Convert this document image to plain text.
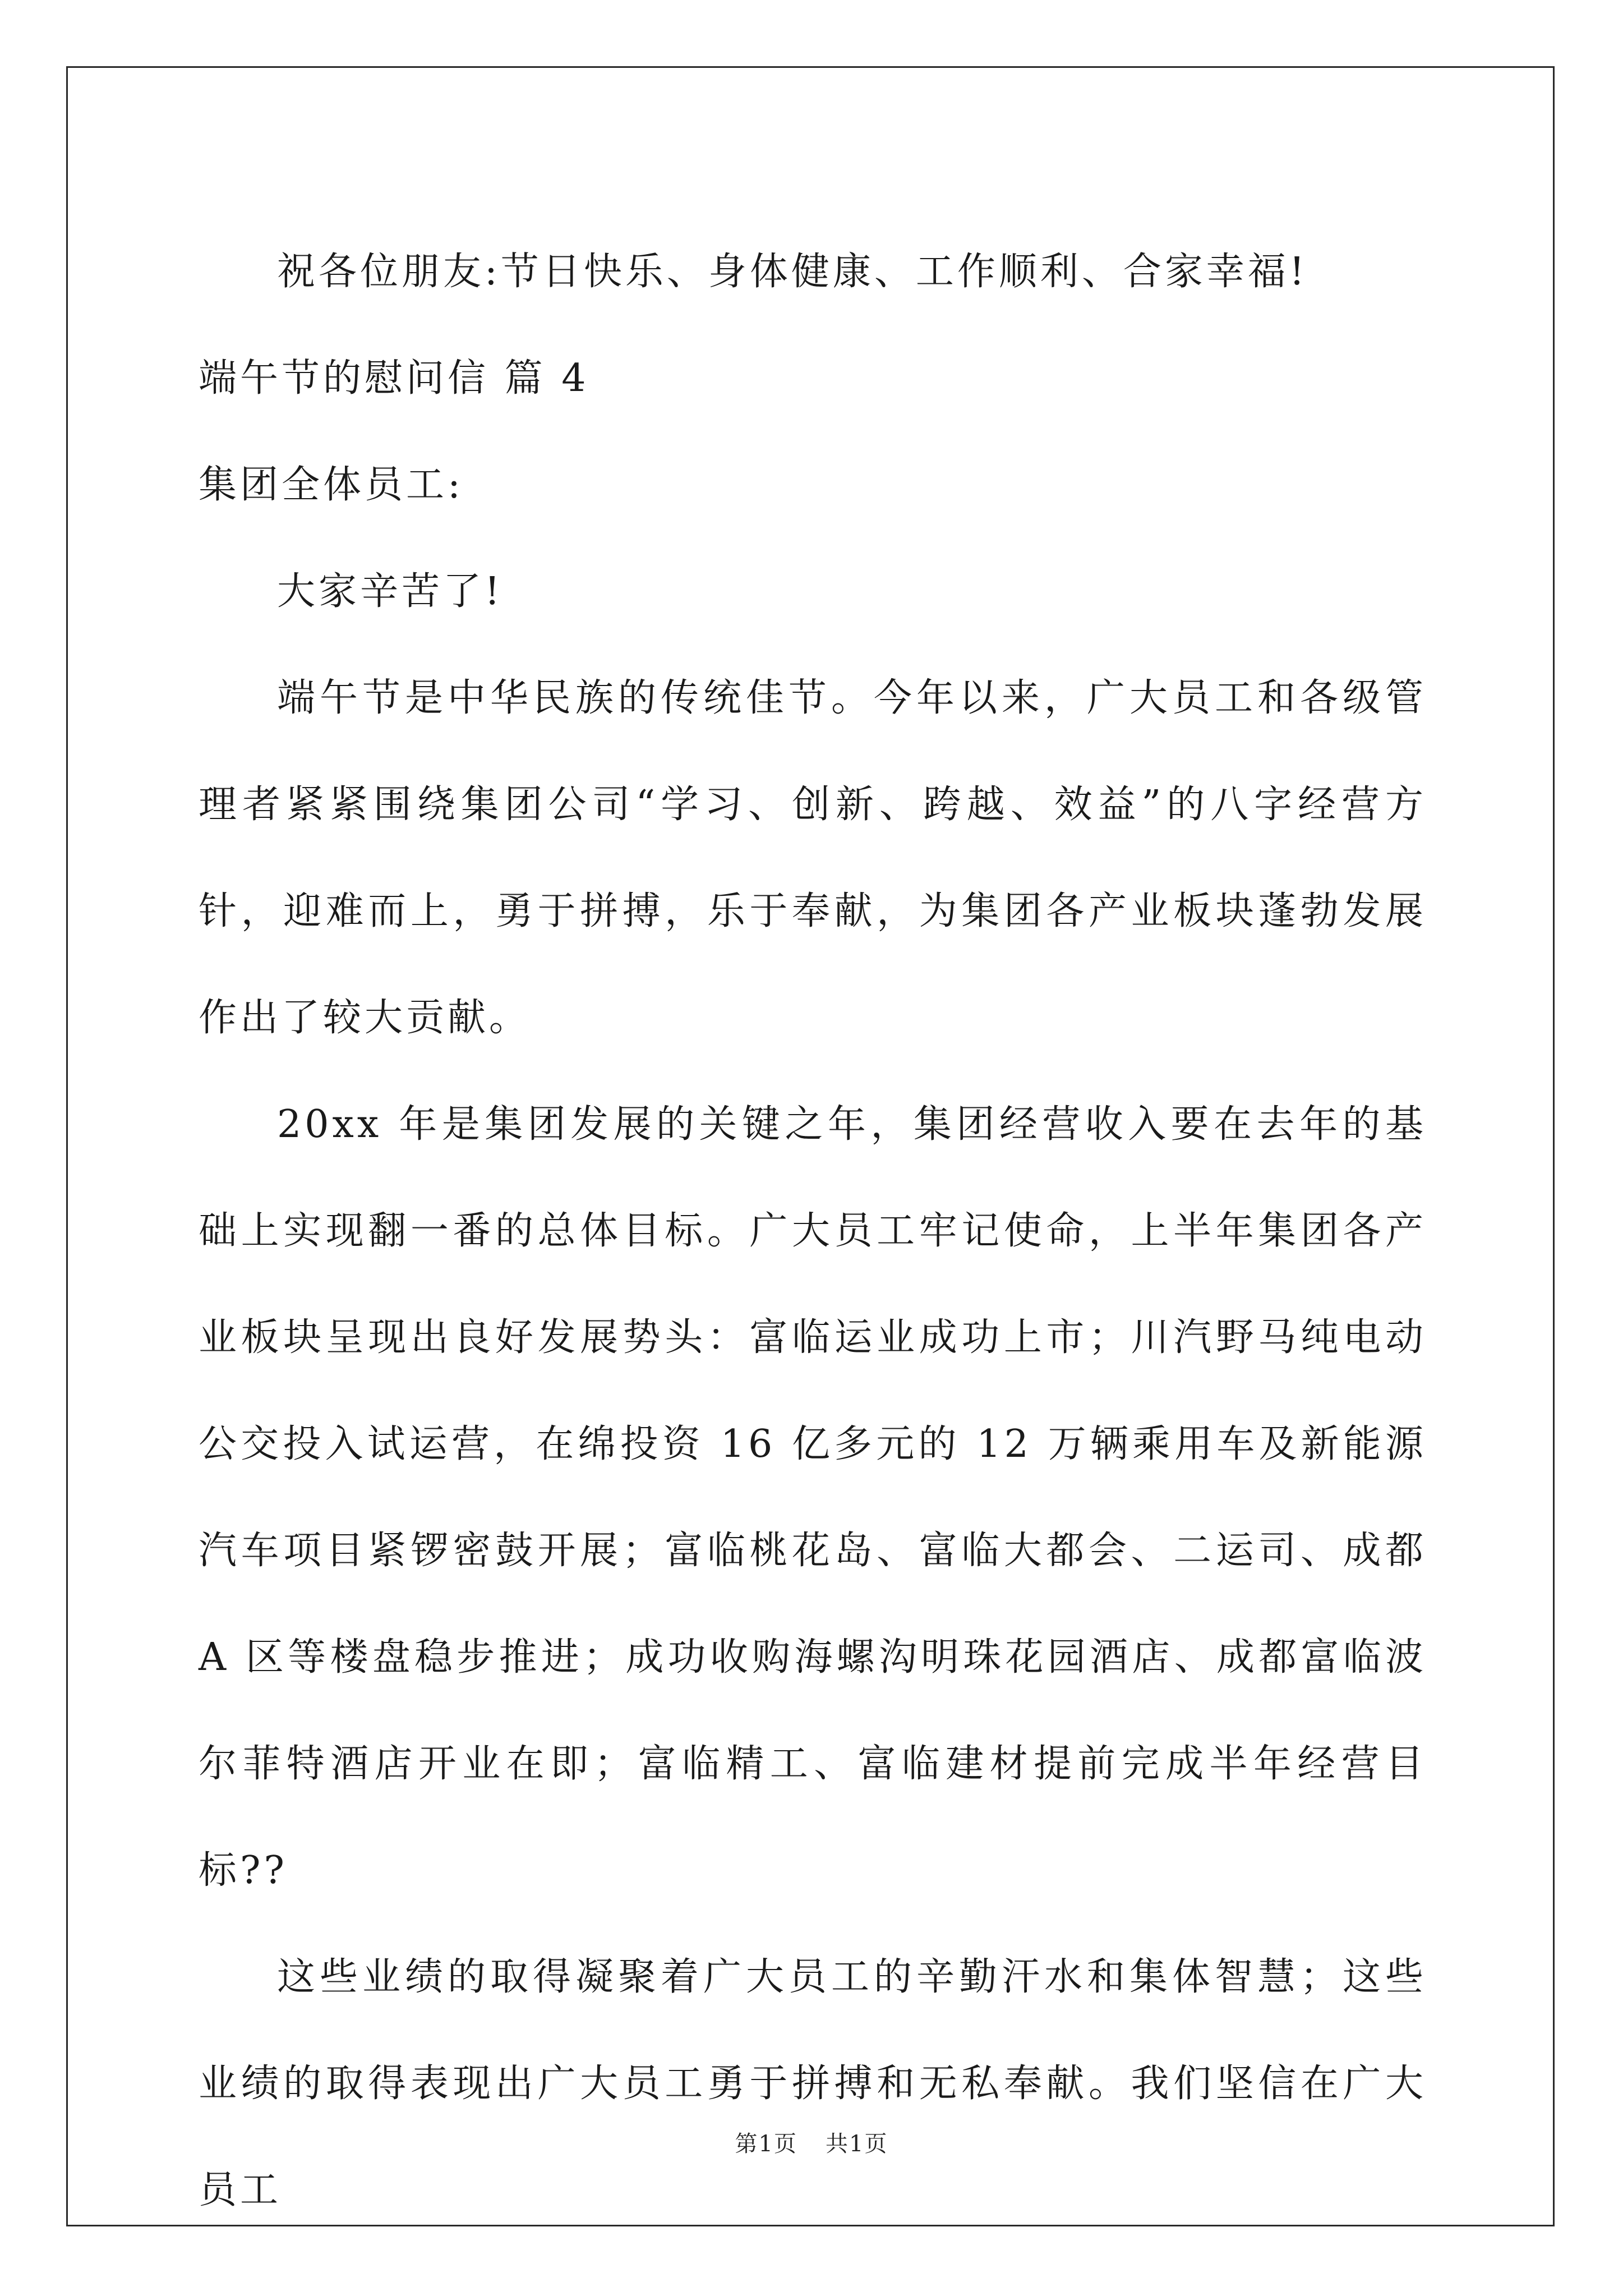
祝各位朋友:节日快乐、身体健康、工作顺利、合家幸福!

端午节的慰问信 篇 4

集团全体员工:

大家辛苦了!

端午节是中华民族的传统佳节。今年以来，广大员工和各级管理者紧紧围绕集团公司“学习、创新、跨越、效益”的八字经营方针，迎难而上，勇于拼搏，乐于奉献，为集团各产业板块蓬勃发展作出了较大贡献。

20xx 年是集团发展的关键之年，集团经营收入要在去年的基础上实现翻一番的总体目标。广大员工牢记使命，上半年集团各产业板块呈现出良好发展势头：富临运业成功上市；川汽野马纯电动公交投入试运营，在绵投资 16 亿多元的 12 万辆乘用车及新能源汽车项目紧锣密鼓开展；富临桃花岛、富临大都会、二运司、成都 A 区等楼盘稳步推进；成功收购海螺沟明珠花园酒店、成都富临波尔菲特酒店开业在即；富临精工、富临建材提前完成半年经营目标??

这些业绩的取得凝聚着广大员工的辛勤汗水和集体智慧；这些业绩的取得表现出广大员工勇于拼搏和无私奉献。我们坚信在广大员工

第1页 共1页
